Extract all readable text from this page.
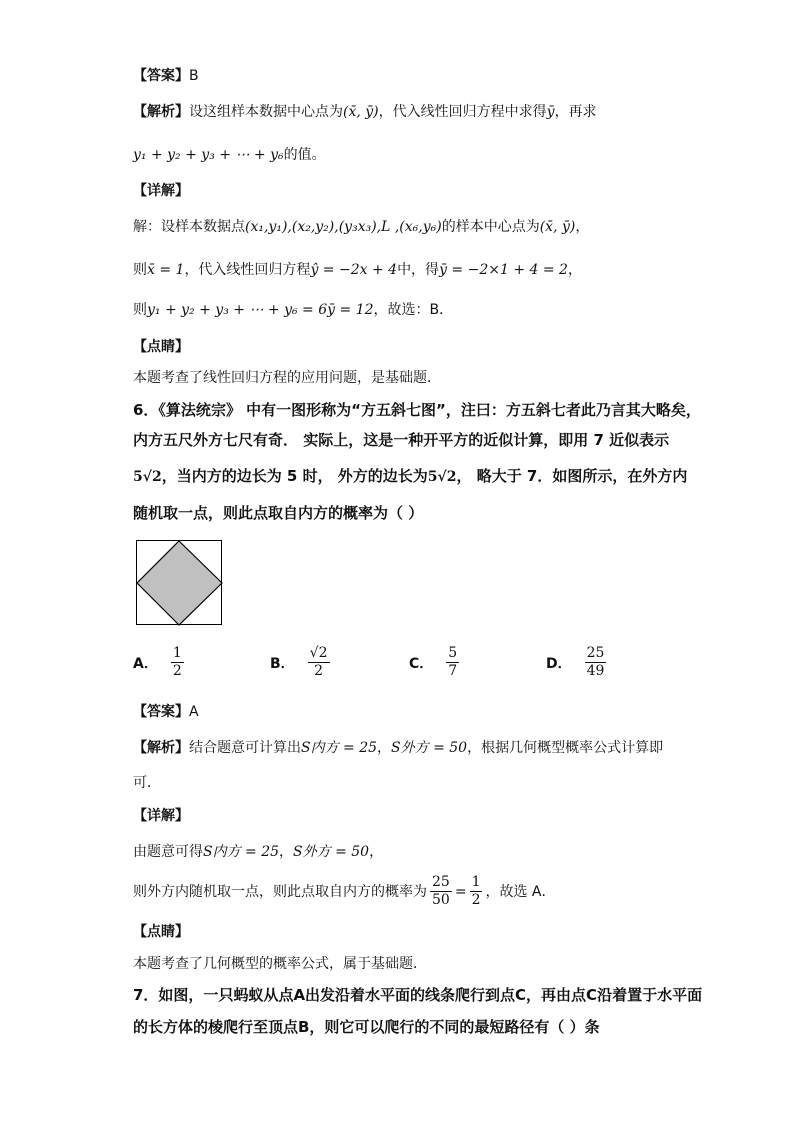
【答案】B
【解析】设这组样本数据中心点为(x̄, ȳ)，代入线性回归方程中求得ȳ，再求
y₁ + y₂ + y₃ + ⋯ + y₆的值。
【详解】
解：设样本数据点(x₁,y₁),(x₂,y₂),(y₃x₃),L ,(x₆,y₆)的样本中心点为(x̄, ȳ)，
则x̄ = 1，代入线性回归方程ŷ = −2x + 4中，得ȳ = −2×1 + 4 = 2，
则y₁ + y₂ + y₃ + ⋯ + y₆ = 6ȳ = 12，故选：B．
【点睛】
本题考查了线性回归方程的应用问题，是基础题．
6．《算法统宗》 中有一图形称为“方五斜七图”，注曰：方五斜七者此乃言其大略矣，
内方五尺外方七尺有奇． 实际上，这是一种开平方的近似计算，即用 7 近似表示
5√2，当内方的边长为 5 时， 外方的边长为5√2， 略大于 7．如图所示，在外方内
随机取一点，则此点取自内方的概率为（ ）
A． $\frac{1}{2}$	B． $\frac{√2}{2}$	C． $\frac{5}{7}$	D． $\frac{25}{49}$
【答案】A
【解析】结合题意可计算出S内方 = 25，S外方 = 50，根据几何概型概率公式计算即
可．
【详解】
由题意可得S内方 = 25，S外方 = 50，
则外方内随机取一点，则此点取自内方的概率为 $\frac{25}{50} = \frac{1}{2}$ ，故选 A．
【点睛】
本题考查了几何概型的概率公式，属于基础题．
7．如图，一只蚂蚁从点A出发沿着水平面的线条爬行到点C，再由点C沿着置于水平面
的长方体的棱爬行至顶点B，则它可以爬行的不同的最短路径有（ ）条
